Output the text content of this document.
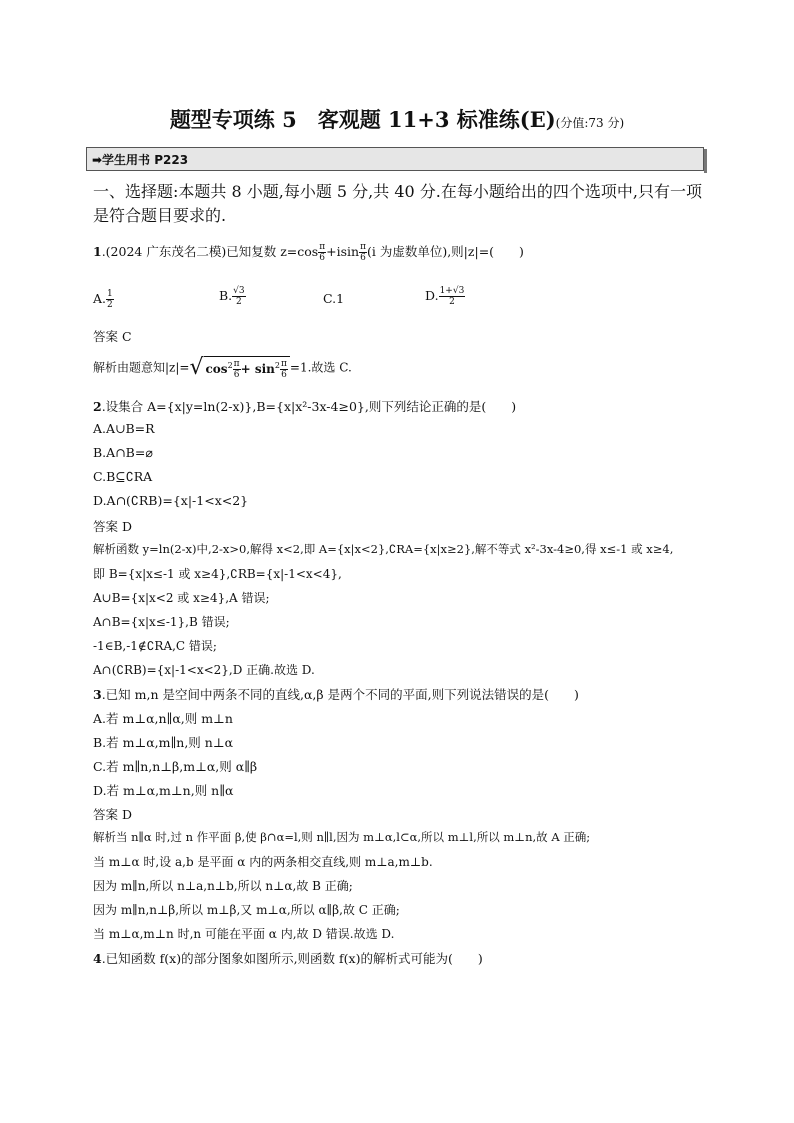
题型专项练 5　客观题 11+3 标准练(E)(分值:73 分)
➡学生用书 P223
一、选择题:本题共 8 小题,每小题 5 分,共 40 分.在每小题给出的四个选项中,只有一项
是符合题目要求的.
1.(2024 广东茂名二模)已知复数 $z=\cos \frac{\pi}{6} +isin \frac{\pi}{6} (i$ 为虚数单位),则|z|=(　　)
A. $\frac{1}{2}$	B. $\frac{√3}{2}$	C.1	D. $\frac{1+√3}{2}$
答案 C
解析由题意知|z|=√ $\cos^2 \frac{\pi}{6} + \sin^2 \frac{\pi}{6} =1$.故选 C.
2.设集合 A={x|y=ln(2-x)},B={x|x²-3x-4≥0},则下列结论正确的是(　　)
A.A∪B=R
B.A∩B=⌀
C.B⊆∁RA
D.A∩(∁RB)={x|-1<x<2}
答案 D
解析函数 y=ln(2-x)中,2-x>0,解得 x<2,即 A={x|x<2},∁RA={x|x≥2},解不等式 x²-3x-4≥0,得 x≤-1 或 x≥4,
即 B={x|x≤-1 或 x≥4},∁RB={x|-1<x<4},
A∪B={x|x<2 或 x≥4},A 错误;
A∩B={x|x≤-1},B 错误;
-1∈B,-1∉∁RA,C 错误;
A∩(∁RB)={x|-1<x<2},D 正确.故选 D.
3.已知 m,n 是空间中两条不同的直线,α,β 是两个不同的平面,则下列说法错误的是(　　)
A.若 m⊥α,n∥α,则 m⊥n
B.若 m⊥α,m∥n,则 n⊥α
C.若 m∥n,n⊥β,m⊥α,则 α∥β
D.若 m⊥α,m⊥n,则 n∥α
答案 D
解析当 n∥α 时,过 n 作平面 β,使 β∩α=l,则 n∥l,因为 m⊥α,l⊂α,所以 m⊥l,所以 m⊥n,故 A 正确;
当 m⊥α 时,设 a,b 是平面 α 内的两条相交直线,则 m⊥a,m⊥b.
因为 m∥n,所以 n⊥a,n⊥b,所以 n⊥α,故 B 正确;
因为 m∥n,n⊥β,所以 m⊥β,又 m⊥α,所以 α∥β,故 C 正确;
当 m⊥α,m⊥n 时,n 可能在平面 α 内,故 D 错误.故选 D.
4.已知函数 f(x)的部分图象如图所示,则函数 f(x)的解析式可能为(　　)
